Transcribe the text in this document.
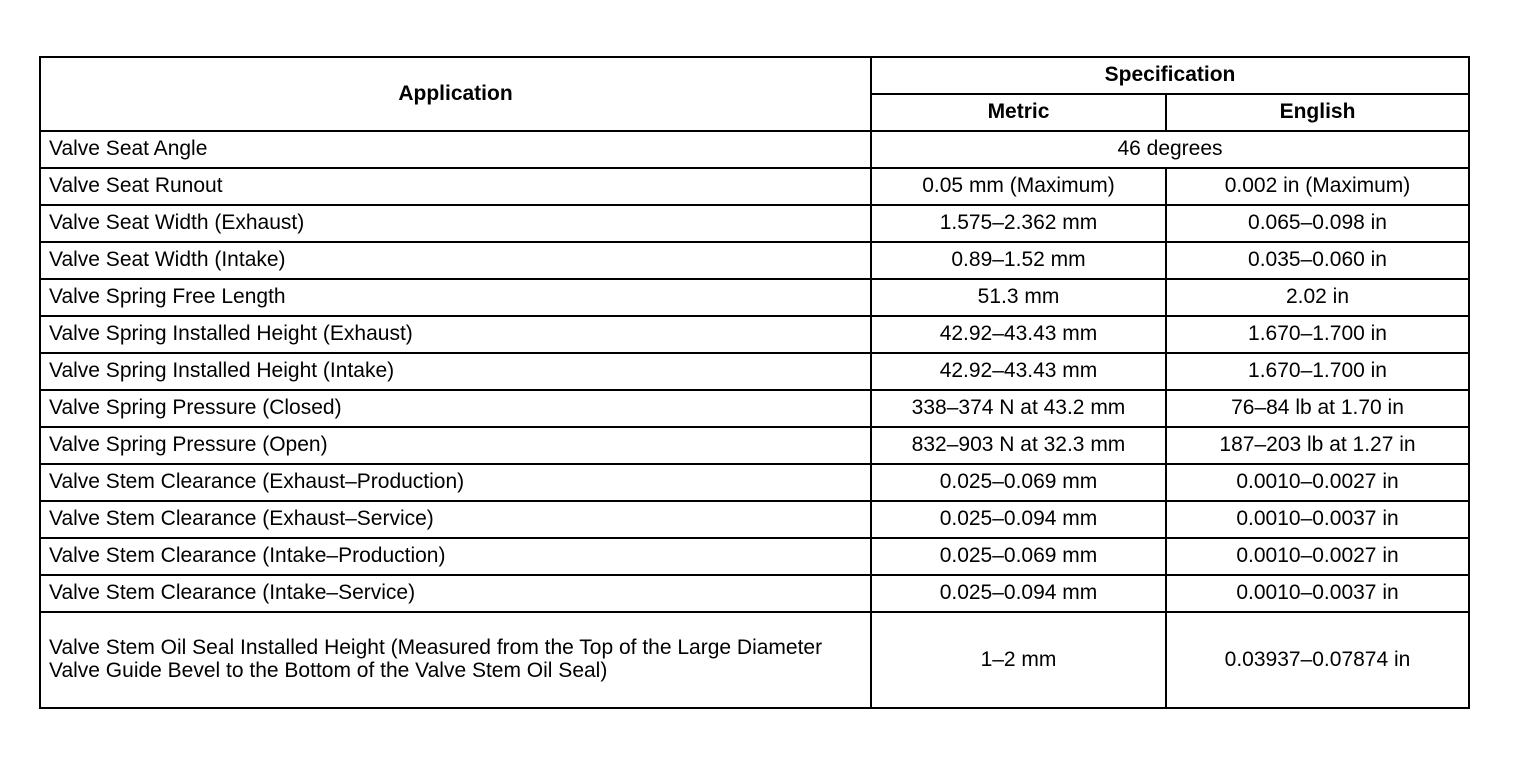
Application	Specification	
	Metric	English
Valve Seat Angle	46 degrees	
Valve Seat Runout	0.05 mm (Maximum)	0.002 in (Maximum)
Valve Seat Width (Exhaust)	1.575–2.362 mm	0.065–0.098 in
Valve Seat Width (Intake)	0.89–1.52 mm	0.035–0.060 in
Valve Spring Free Length	51.3 mm	2.02 in
Valve Spring Installed Height (Exhaust)	42.92–43.43 mm	1.670–1.700 in
Valve Spring Installed Height (Intake)	42.92–43.43 mm	1.670–1.700 in
Valve Spring Pressure (Closed)	338–374 N at 43.2 mm	76–84 lb at 1.70 in
Valve Spring Pressure (Open)	832–903 N at 32.3 mm	187–203 lb at 1.27 in
Valve Stem Clearance (Exhaust–Production)	0.025–0.069 mm	0.0010–0.0027 in
Valve Stem Clearance (Exhaust–Service)	0.025–0.094 mm	0.0010–0.0037 in
Valve Stem Clearance (Intake–Production)	0.025–0.069 mm	0.0010–0.0027 in
Valve Stem Clearance (Intake–Service)	0.025–0.094 mm	0.0010–0.0037 in
Valve Stem Oil Seal Installed Height (Measured from the Top of the Large Diameter Valve Guide Bevel to the Bottom of the Valve Stem Oil Seal)	1–2 mm	0.03937–0.07874 in
